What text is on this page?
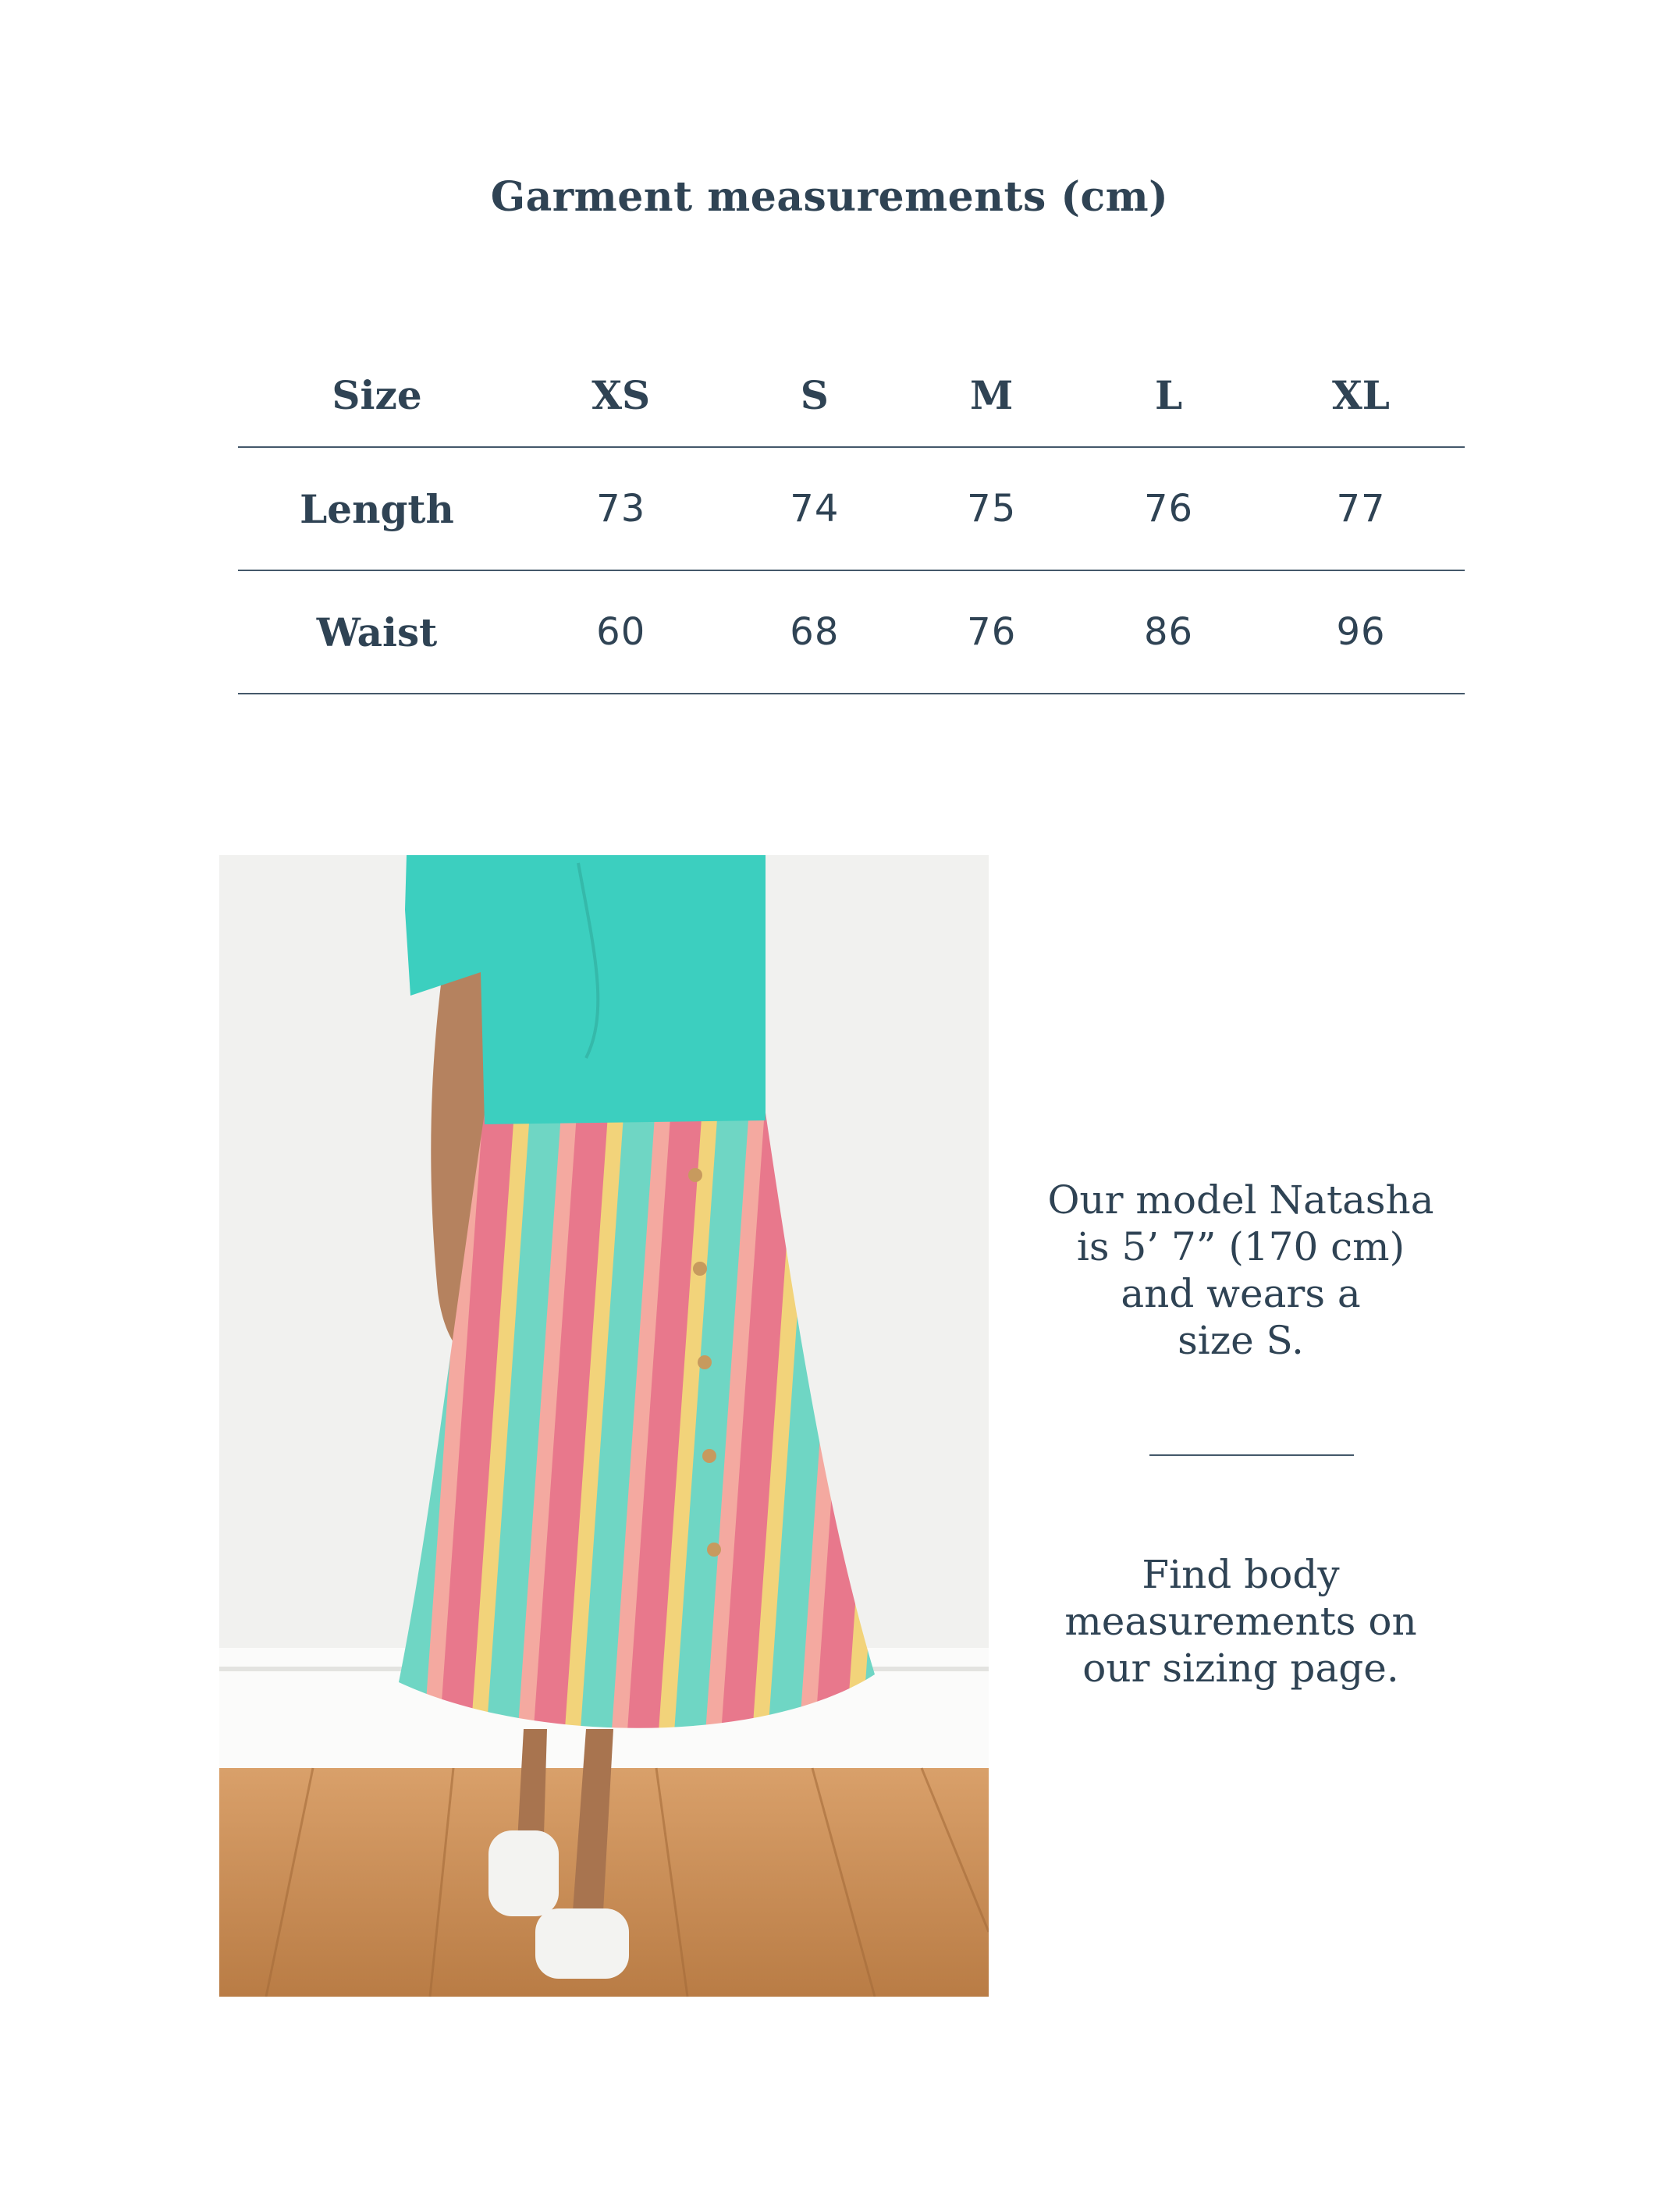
Garment measurements (cm)
Size	XS	S	M	L	XL
Length	73	74	75	76	77
Waist	60	68	76	86	96

Our model Natasha
is 5’ 7” (170 cm)
and wears a
size S.

Find body
measurements on
our sizing page.
